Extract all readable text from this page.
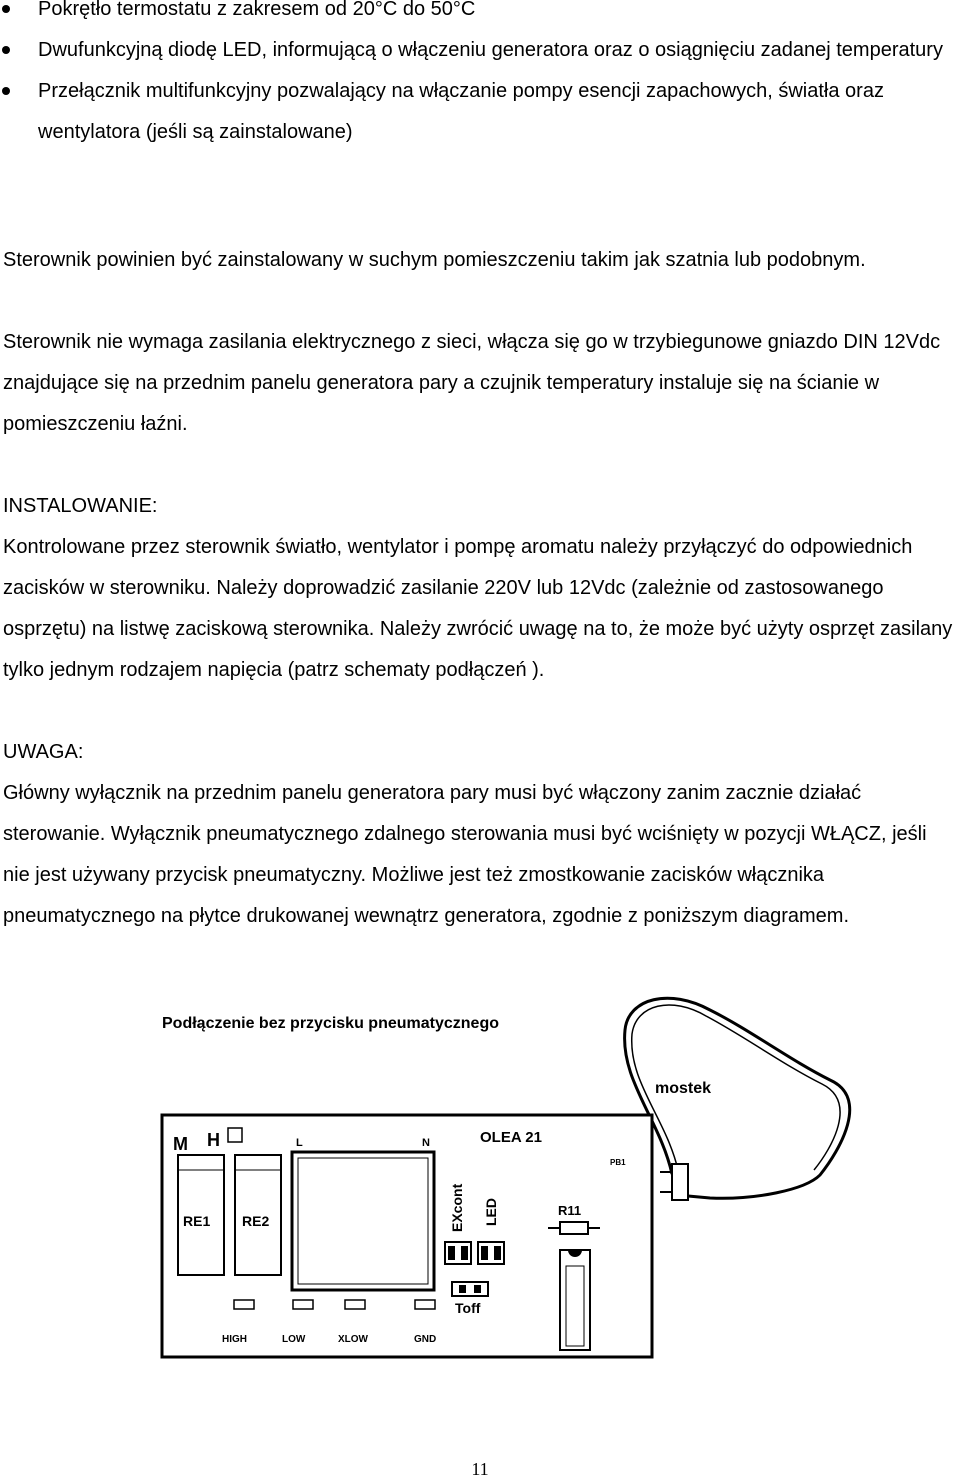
Pokrętło termostatu z zakresem od 20°C do 50°C
Dwufunkcyjną diodę LED, informującą o włączeniu generatora oraz o osiągnięciu zadanej temperatury
Przełącznik multifunkcyjny pozwalający na włączanie pompy esencji zapachowych, światła oraz wentylatora (jeśli są zainstalowane)

Sterownik powinien być zainstalowany w suchym pomieszczeniu takim jak szatnia lub podobnym.

Sterownik nie wymaga zasilania elektrycznego z sieci, włącza się go w trzybiegunowe gniazdo DIN 12Vdc znajdujące się na przednim panelu generatora pary a czujnik temperatury instaluje się na ścianie w pomieszczeniu łaźni.

INSTALOWANIE:

Kontrolowane przez sterownik światło, wentylator i pompę aromatu należy przyłączyć do odpowiednich zacisków w sterowniku. Należy doprowadzić zasilanie 220V lub 12Vdc (zależnie od zastosowanego osprzętu) na listwę zaciskową sterownika. Należy zwrócić uwagę na to, że może być użyty osprzęt zasilany tylko jednym rodzajem napięcia (patrz schematy podłączeń ).

UWAGA:

Główny wyłącznik na przednim panelu generatora pary musi być włączony zanim zacznie działać sterowanie. Wyłącznik pneumatycznego zdalnego sterowania musi być wciśnięty w pozycji WŁĄCZ, jeśli nie jest używany przycisk pneumatyczny. Możliwe jest też zmostkowanie zacisków włącznika pneumatycznego na płytce drukowanej wewnątrz generatora, zgodnie z poniższym diagramem.

Podłączenie bez przycisku pneumatycznego
mostek
M H	L	N	OLEA 21
PB1
RE1 RE2	EXcont LED
Toff
R11
HIGH	LOW	XLOW	GND
11
